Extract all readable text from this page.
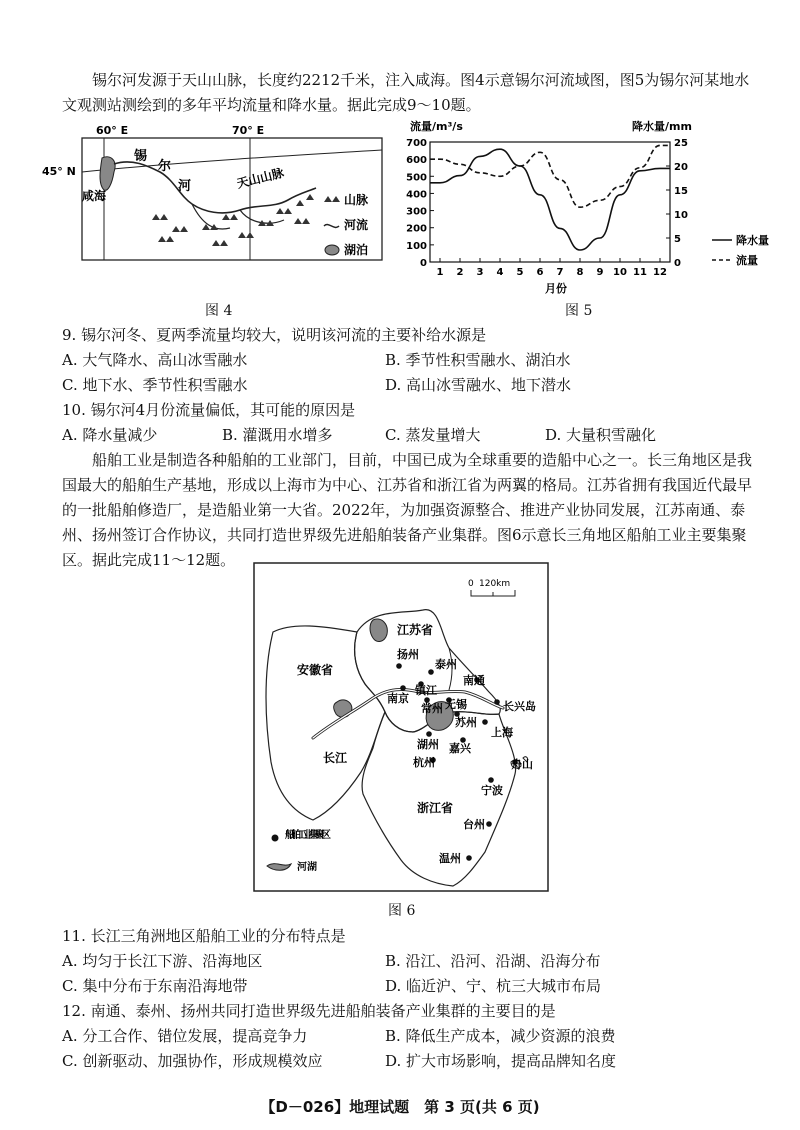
锡尔河发源于天山山脉，长度约2212千米，注入咸海。图4示意锡尔河流域图，图5为锡尔河某地水文观测站测绘到的多年平均流量和降水量。据此完成9～10题。
60° E	70° E
45° N
咸海
锡
尔
河	天山山脉
山脉
河流
湖泊
图 4
流量/m³/s	降水量/mm
月份
0
100
200
300
400
500
600
700
0
5
10
15
20
25
1 2 3 4 5 6 7 8 9 10 11 12
降水量
流量
图 5
9. 锡尔河冬、夏两季流量均较大，说明该河流的主要补给水源是
A. 大气降水、高山冰雪融水	B. 季节性积雪融水、湖泊水
C. 地下水、季节性积雪融水	D. 高山冰雪融水、地下潜水
10. 锡尔河4月份流量偏低，其可能的原因是
A. 降水量减少	B. 灌溉用水增多	C. 蒸发量增大	D. 大量积雪融化
船舶工业是制造各种船舶的工业部门，目前，中国已成为全球重要的造船中心之一。长三角地区是我国最大的船舶生产基地，形成以上海市为中心、江苏省和浙江省为两翼的格局。江苏省拥有我国近代最早的一批船舶修造厂，是造船业第一大省。2022年，为加强资源整合、推进产业协同发展，江苏南通、泰州、扬州签订合作协议，共同打造世界级先进船舶装备产业集群。图6示意长三角地区船舶工业主要集聚区。据此完成11～12题。
0 120km
江苏省
安徽省
浙江省
长江
扬州
泰州
南通
镇江
南京
常州 无锡	长兴岛
苏州
上海
湖州 嘉兴
杭州	舟山
宁波
台州
温州
船舶工业集聚区
河湖
图 6
11. 长江三角洲地区船舶工业的分布特点是
A. 均匀于长江下游、沿海地区	B. 沿江、沿河、沿湖、沿海分布
C. 集中分布于东南沿海地带	D. 临近沪、宁、杭三大城市布局
12. 南通、泰州、扬州共同打造世界级先进船舶装备产业集群的主要目的是
A. 分工合作、错位发展，提高竞争力	B. 降低生产成本，减少资源的浪费
C. 创新驱动、加强协作，形成规模效应	D. 扩大市场影响，提高品牌知名度
【D－026】地理试题　第 3 页(共 6 页)
